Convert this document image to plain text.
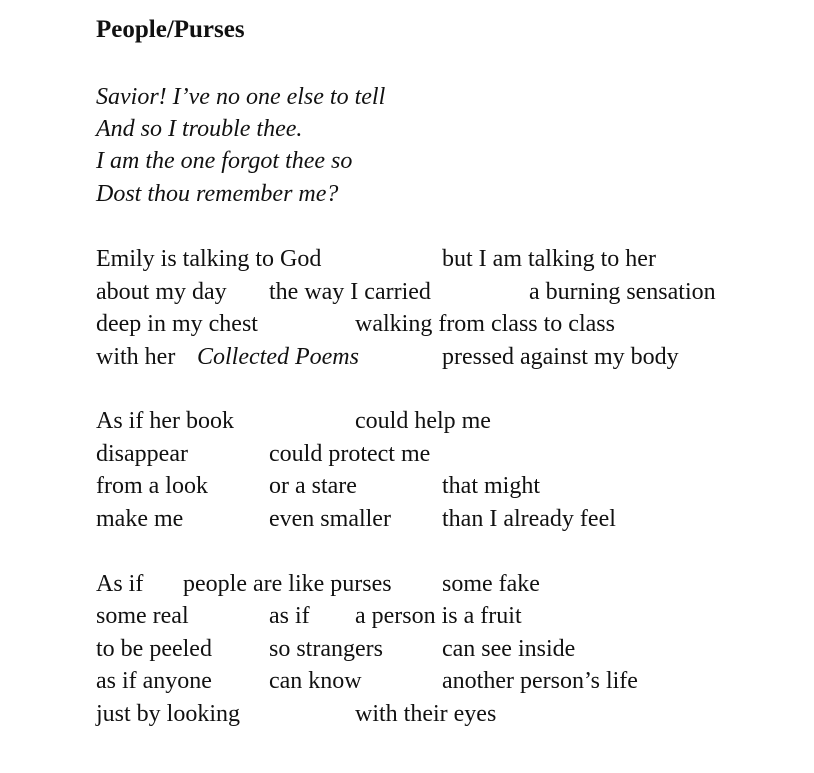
People/Purses
Savior! I’ve no one else to tell
And so I trouble thee.
I am the one forgot thee so
Dost thou remember me?
Emily is talking to God	but I am talking to her
about my day the way I carried	a burning sensation
deep in my chest	walking from class to class
with her Collected Poems	pressed against my body
As if her book	could help me
disappear	could protect me
from a look	or a stare	that might
make me	even smaller than I already feel
As if people are like purses some fake
some real	as if a person is a fruit
to be peeled so strangers can see inside
as if anyone can know	another person’s life
just by looking	with their eyes
